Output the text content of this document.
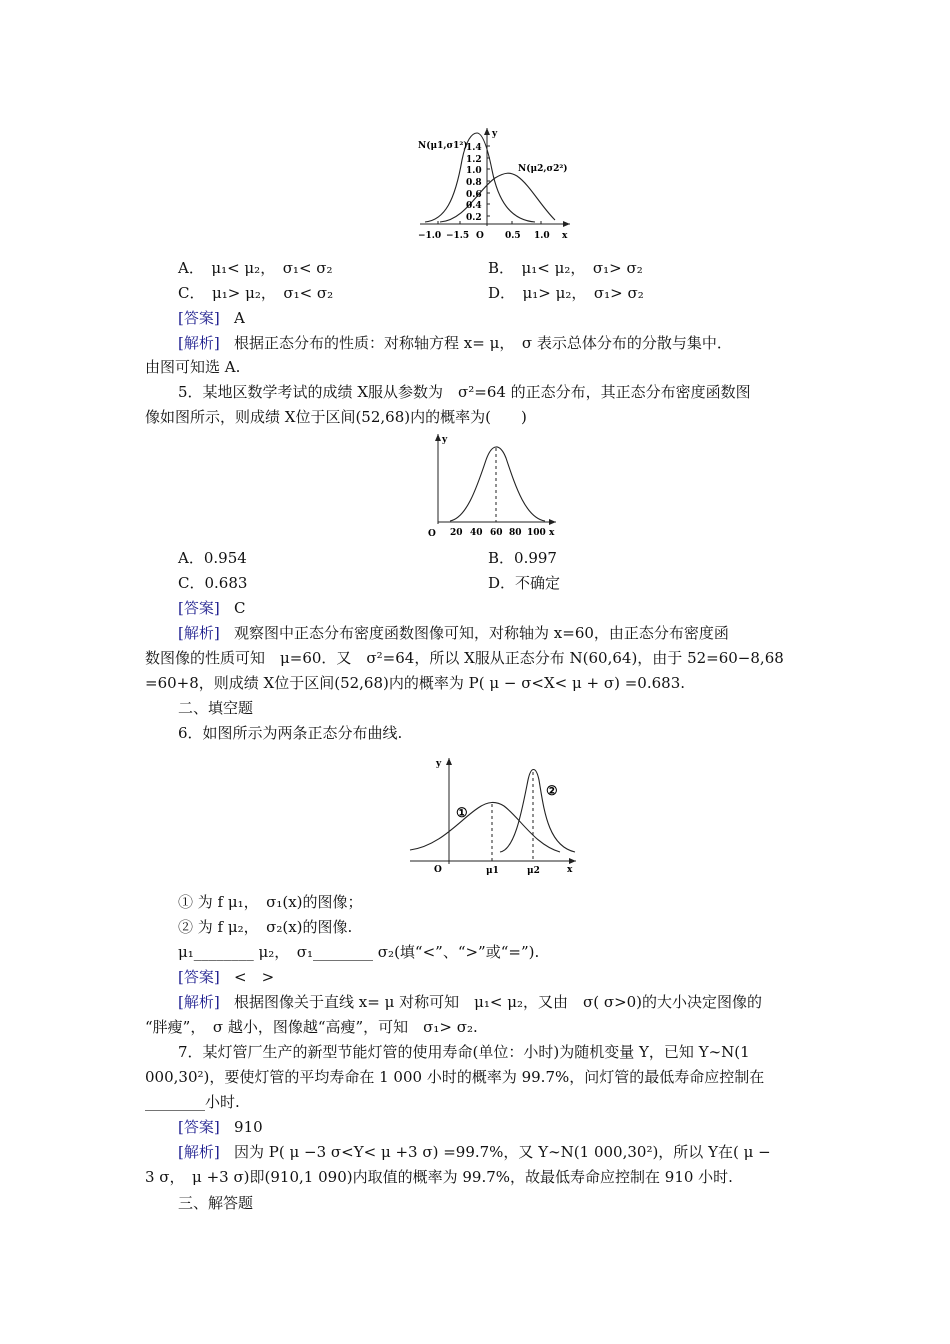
N(μ1,σ1²)
N(μ2,σ2²)
y
x
O
1.4
1.2
1.0
0.8
0.6
0.4
0.2
−1.0 −1.5	0.5 1.0
A．　μ₁< μ₂，　σ₁< σ₂	B．　μ₁< μ₂，　σ₁> σ₂
C．　μ₁> μ₂，　σ₁< σ₂	D．　μ₁> μ₂，　σ₁> σ₂
[答案] A
[解析] 根据正态分布的性质：对称轴方程 x= μ，　σ 表示总体分布的分散与集中．
由图可知选 A.
5．某地区数学考试的成绩 X服从参数为　σ²=64 的正态分布，其正态分布密度函数图
像如图所示，则成绩 X位于区间(52,68)内的概率为(　　)
y
x
O 20 40 60 80 100
A．0.954	B．0.997
C．0.683	D．不确定
[答案] C
[解析] 观察图中正态分布密度函数图像可知，对称轴为 x=60，由正态分布密度函
数图像的性质可知　μ=60．又　σ²=64，所以 X服从正态分布 N(60,64)，由于 52=60−8,68
=60+8，则成绩 X位于区间(52,68)内的概率为 P( μ − σ<X< μ + σ) =0.683.
二、填空题
6．如图所示为两条正态分布曲线.
y
x
O
①
②
μ1	μ2
① 为 f μ₁，　σ₁(x)的图像；
② 为 f μ₂，　σ₂(x)的图像.
μ₁________ μ₂，　σ₁________ σ₂(填“<”、“>”或“=”).
[答案] <　>
[解析] 根据图像关于直线 x= μ 对称可知　μ₁< μ₂，又由　σ( σ>0)的大小决定图像的
“胖瘦”，　σ 越小，图像越“高瘦”，可知　σ₁> σ₂.
7．某灯管厂生产的新型节能灯管的使用寿命(单位：小时)为随机变量 Y，已知 Y∼N(1
000,30²)，要使灯管的平均寿命在 1 000 小时的概率为 99.7%，问灯管的最低寿命应控制在
________小时.
[答案] 910
[解析] 因为 P( μ −3 σ<Y< μ +3 σ) =99.7%，又 Y∼N(1 000,30²)，所以 Y在( μ −
3 σ，　μ +3 σ)即(910,1 090)内取值的概率为 99.7%，故最低寿命应控制在 910 小时.
三、解答题
